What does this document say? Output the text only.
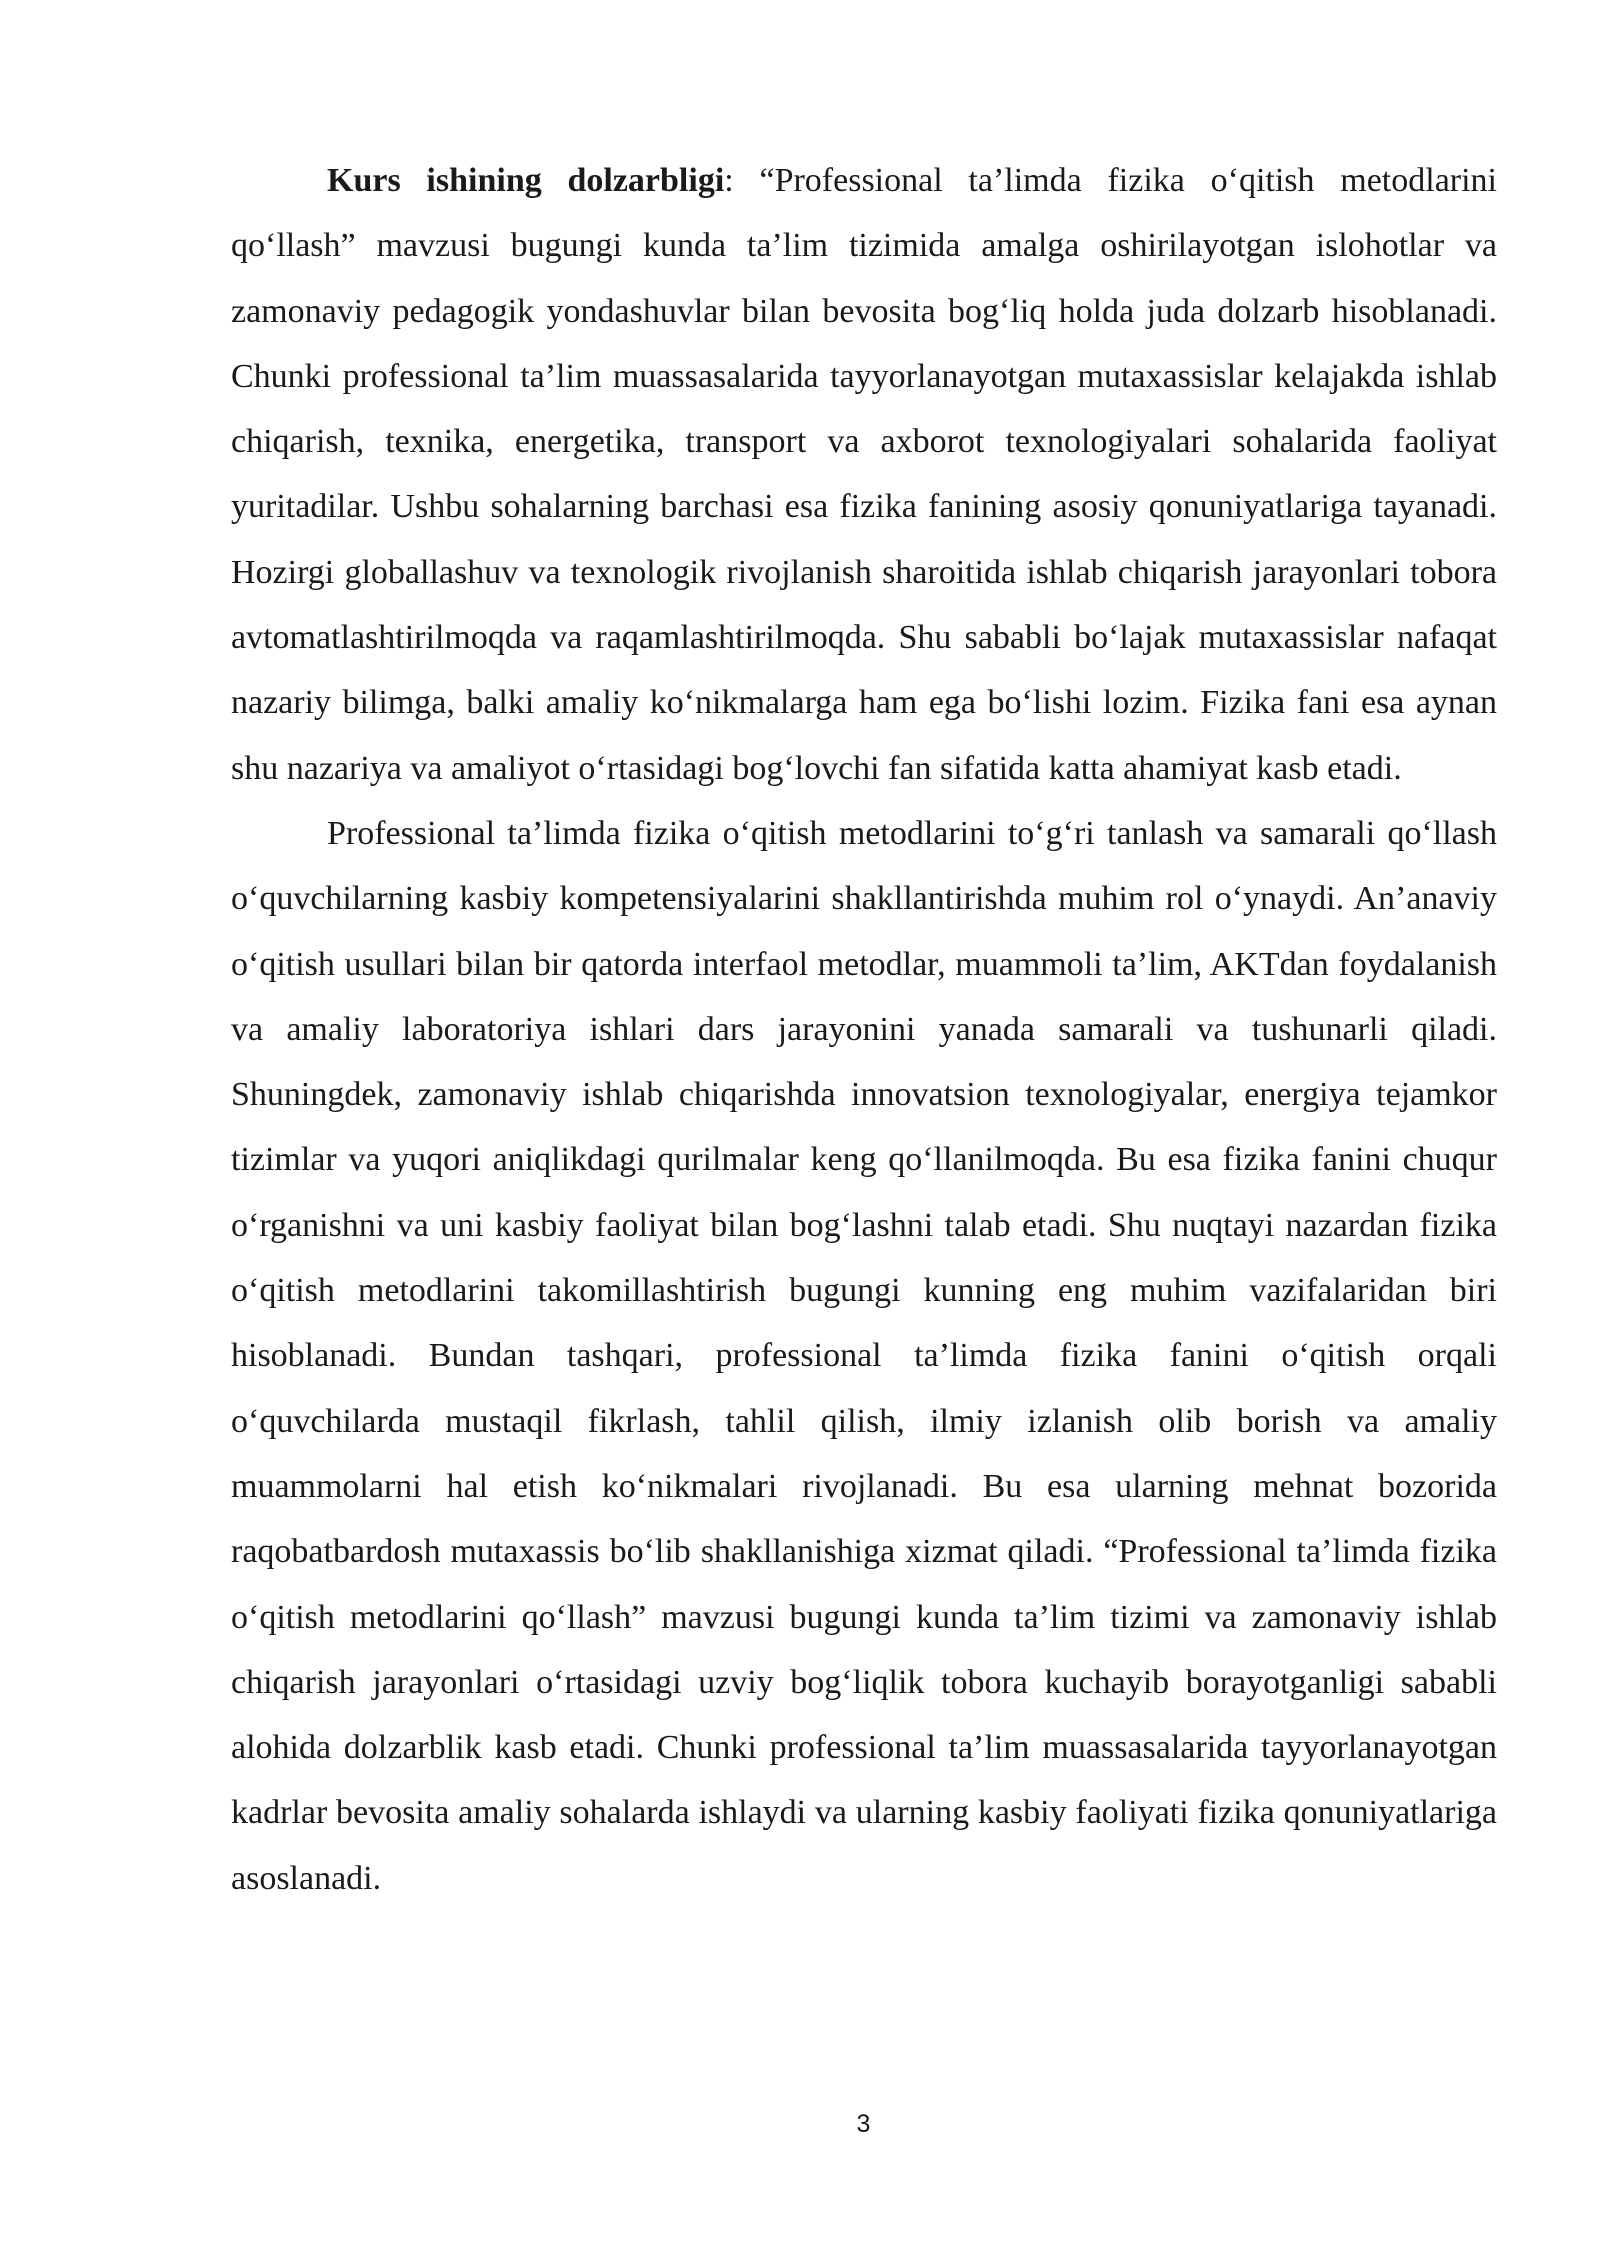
Kurs ishining dolzarbligi: “Professional ta’limda fizika o‘qitish metodlarini qo‘llash” mavzusi bugungi kunda ta’lim tizimida amalga oshirilayotgan islohotlar va zamonaviy pedagogik yondashuvlar bilan bevosita bog‘liq holda juda dolzarb hisoblanadi. Chunki professional ta’lim muassasalarida tayyorlanayotgan mutaxassislar kelajakda ishlab chiqarish, texnika, energetika, transport va axborot texnologiyalari sohalarida faoliyat yuritadilar. Ushbu sohalarning barchasi esa fizika fanining asosiy qonuniyatlariga tayanadi. Hozirgi globallashuv va texnologik rivojlanish sharoitida ishlab chiqarish jarayonlari tobora avtomatlashtirilmoqda va raqamlashtirilmoqda. Shu sababli bo‘lajak mutaxassislar nafaqat nazariy bilimga, balki amaliy ko‘nikmalarga ham ega bo‘lishi lozim. Fizika fani esa aynan shu nazariya va amaliyot o‘rtasidagi bog‘lovchi fan sifatida katta ahamiyat kasb etadi.

Professional ta’limda fizika o‘qitish metodlarini to‘g‘ri tanlash va samarali qo‘llash o‘quvchilarning kasbiy kompetensiyalarini shakllantirishda muhim rol o‘ynaydi. An’anaviy o‘qitish usullari bilan bir qatorda interfaol metodlar, muammoli ta’lim, AKTdan foydalanish va amaliy laboratoriya ishlari dars jarayonini yanada samarali va tushunarli qiladi. Shuningdek, zamonaviy ishlab chiqarishda innovatsion texnologiyalar, energiya tejamkor tizimlar va yuqori aniqlikdagi qurilmalar keng qo‘llanilmoqda. Bu esa fizika fanini chuqur o‘rganishni va uni kasbiy faoliyat bilan bog‘lashni talab etadi. Shu nuqtayi nazardan fizika o‘qitish metodlarini takomillashtirish bugungi kunning eng muhim vazifalaridan biri hisoblanadi. Bundan tashqari, professional ta’limda fizika fanini o‘qitish orqali o‘quvchilarda mustaqil fikrlash, tahlil qilish, ilmiy izlanish olib borish va amaliy muammolarni hal etish ko‘nikmalari rivojlanadi. Bu esa ularning mehnat bozorida raqobatbardosh mutaxassis bo‘lib shakllanishiga xizmat qiladi. “Professional ta’limda fizika o‘qitish metodlarini qo‘llash” mavzusi bugungi kunda ta’lim tizimi va zamonaviy ishlab chiqarish jarayonlari o‘rtasidagi uzviy bog‘liqlik tobora kuchayib borayotganligi sababli alohida dolzarblik kasb etadi. Chunki professional ta’lim muassasalarida tayyorlanayotgan kadrlar bevosita amaliy sohalarda ishlaydi va ularning kasbiy faoliyati fizika qonuniyatlariga asoslanadi.

3
